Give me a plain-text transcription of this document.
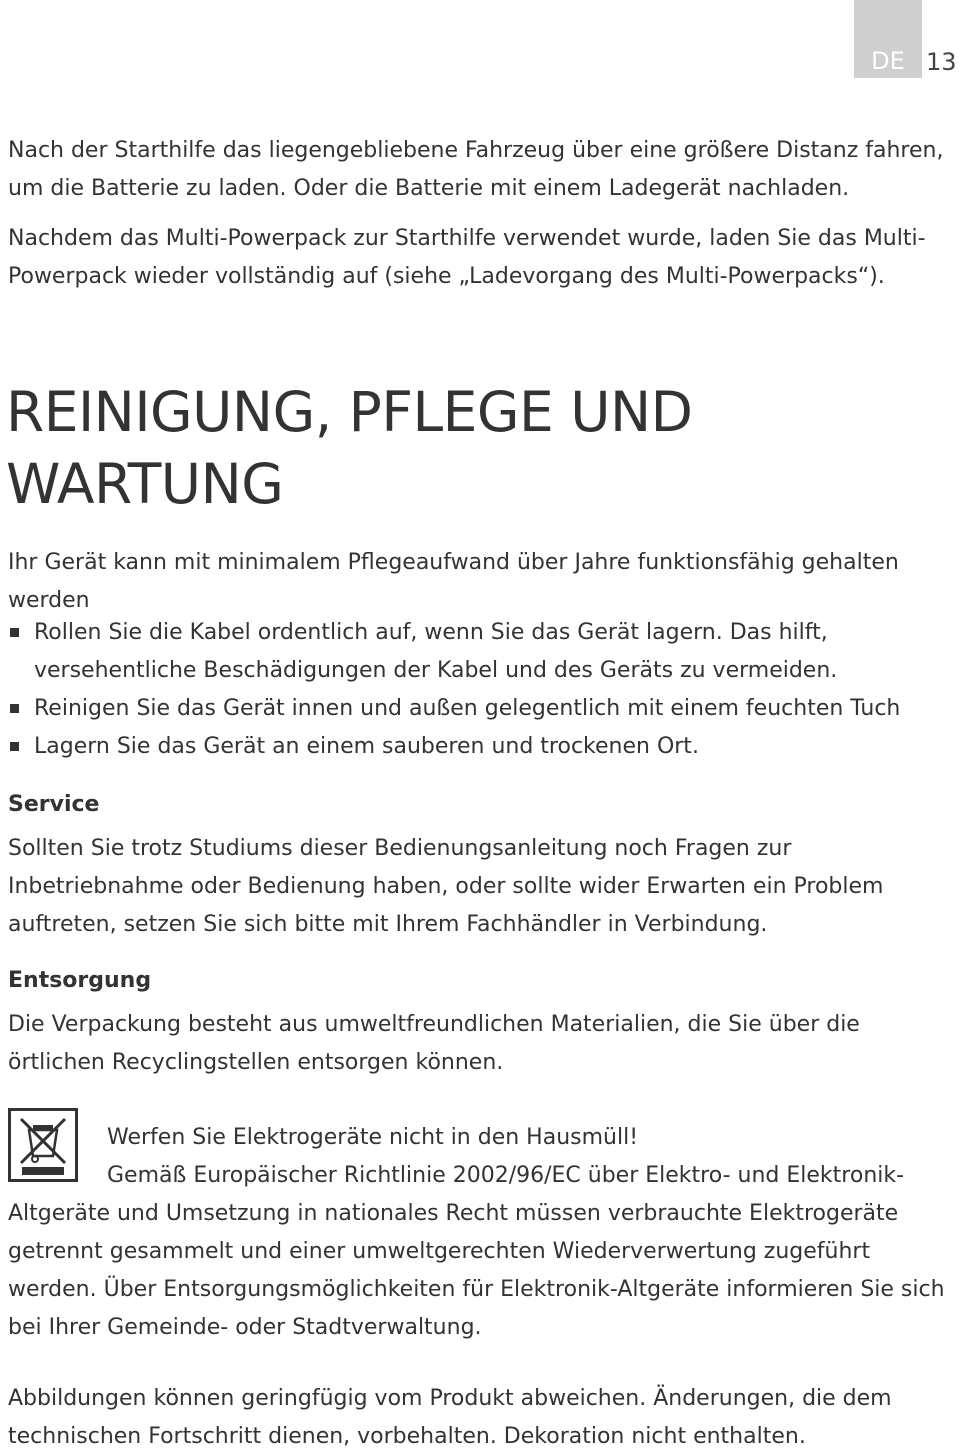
DE 13

Nach der Starthilfe das liegengebliebene Fahrzeug über eine größere Distanz fahren, um die Batterie zu laden. Oder die Batterie mit einem Ladegerät nachladen.

Nachdem das Multi-Powerpack zur Starthilfe verwendet wurde, laden Sie das Multi-Powerpack wieder vollständig auf (siehe „Ladevorgang des Multi-Powerpacks“).

REINIGUNG, PFLEGE UND WARTUNG

Ihr Gerät kann mit minimalem Pflegeaufwand über Jahre funktionsfähig gehalten werden

Rollen Sie die Kabel ordentlich auf, wenn Sie das Gerät lagern. Das hilft, versehentliche Beschädigungen der Kabel und des Geräts zu vermeiden.
Reinigen Sie das Gerät innen und außen gelegentlich mit einem feuchten Tuch
Lagern Sie das Gerät an einem sauberen und trockenen Ort.
Service

Sollten Sie trotz Studiums dieser Bedienungsanleitung noch Fragen zur Inbetriebnahme oder Bedienung haben, oder sollte wider Erwarten ein Problem auftreten, setzen Sie sich bitte mit Ihrem Fachhändler in Verbindung.

Entsorgung

Die Verpackung besteht aus umweltfreundlichen Materialien, die Sie über die örtlichen Recyclingstellen entsorgen können.

Werfen Sie Elektrogeräte nicht in den Hausmüll!

Gemäß Europäischer Richtlinie 2002/96/EC über Elektro- und Elektronik-Altgeräte und Umsetzung in nationales Recht müssen verbrauchte Elektrogeräte getrennt gesammelt und einer umweltgerechten Wiederverwertung zugeführt werden. Über Entsorgungsmöglichkeiten für Elektronik-Altgeräte informieren Sie sich bei Ihrer Gemeinde- oder Stadtverwaltung.

Abbildungen können geringfügig vom Produkt abweichen. Änderungen, die dem technischen Fortschritt dienen, vorbehalten. Dekoration nicht enthalten.
